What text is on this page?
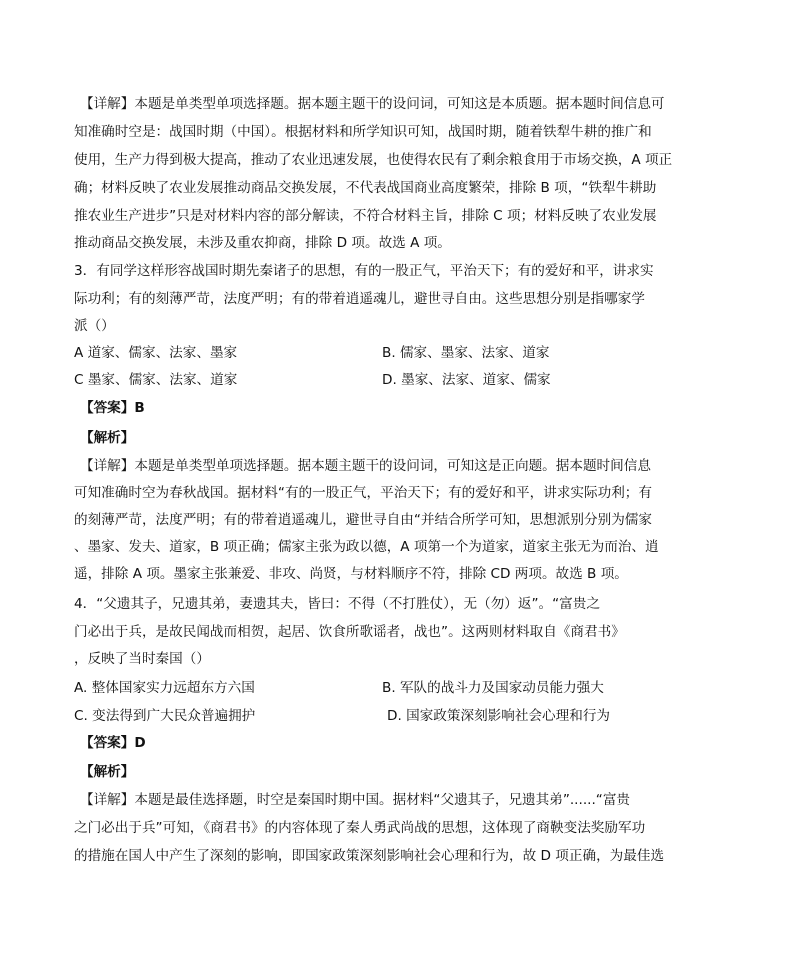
【详解】本题是单类型单项选择题。据本题主题干的设问词，可知这是本质题。据本题时间信息可
知准确时空是：战国时期（中国）。根据材料和所学知识可知，战国时期，随着铁犁牛耕的推广和
使用，生产力得到极大提高，推动了农业迅速发展，也使得农民有了剩余粮食用于市场交换，A 项正
确；材料反映了农业发展推动商品交换发展，不代表战国商业高度繁荣，排除 B 项，“铁犁牛耕助
推农业生产进步”只是对材料内容的部分解读，不符合材料主旨，排除 C 项；材料反映了农业发展
推动商品交换发展，未涉及重农抑商，排除 D 项。故选 A 项。
3．有同学这样形容战国时期先秦诸子的思想，有的一股正气，平治天下；有的爱好和平，讲求实
际功利；有的刻薄严苛，法度严明；有的带着逍遥魂儿，避世寻自由。这些思想分别是指哪家学
派（）
A 道家、儒家、法家、墨家	B. 儒家、墨家、法家、道家
C 墨家、儒家、法家、道家	D. 墨家、法家、道家、儒家
【答案】B
【解析】
【详解】本题是单类型单项选择题。据本题主题干的设问词，可知这是正向题。据本题时间信息
可知准确时空为春秋战国。据材料“有的一股正气，平治天下；有的爱好和平，讲求实际功利；有
的刻薄严苛，法度严明；有的带着逍遥魂儿，避世寻自由“并结合所学可知，思想派别分别为儒家
、墨家、发夫、道家，B 项正确；儒家主张为政以德，A 项第一个为道家，道家主张无为而治、逍
遥，排除 A 项。墨家主张兼爱、非攻、尚贤，与材料顺序不符，排除 CD 两项。故选 B 项。
4．“父遗其子，兄遗其弟，妻遗其夫，皆曰：不得（不打胜仗），无（勿）返”。“富贵之
门必出于兵，是故民闻战而相贺，起居、饮食所歌谣者，战也”。这两则材料取自《商君书》
，反映了当时秦国（）
A. 整体国家实力远超东方六国	B. 军队的战斗力及国家动员能力强大
C. 变法得到广大民众普遍拥护	D. 国家政策深刻影响社会心理和行为
【答案】D
【解析】
【详解】本题是最佳选择题，时空是秦国时期中国。据材料“父遗其子，兄遗其弟”......“富贵
之门必出于兵”可知，《商君书》的内容体现了秦人勇武尚战的思想，这体现了商鞅变法奖励军功
的措施在国人中产生了深刻的影响，即国家政策深刻影响社会心理和行为，故 D 项正确，为最佳选
